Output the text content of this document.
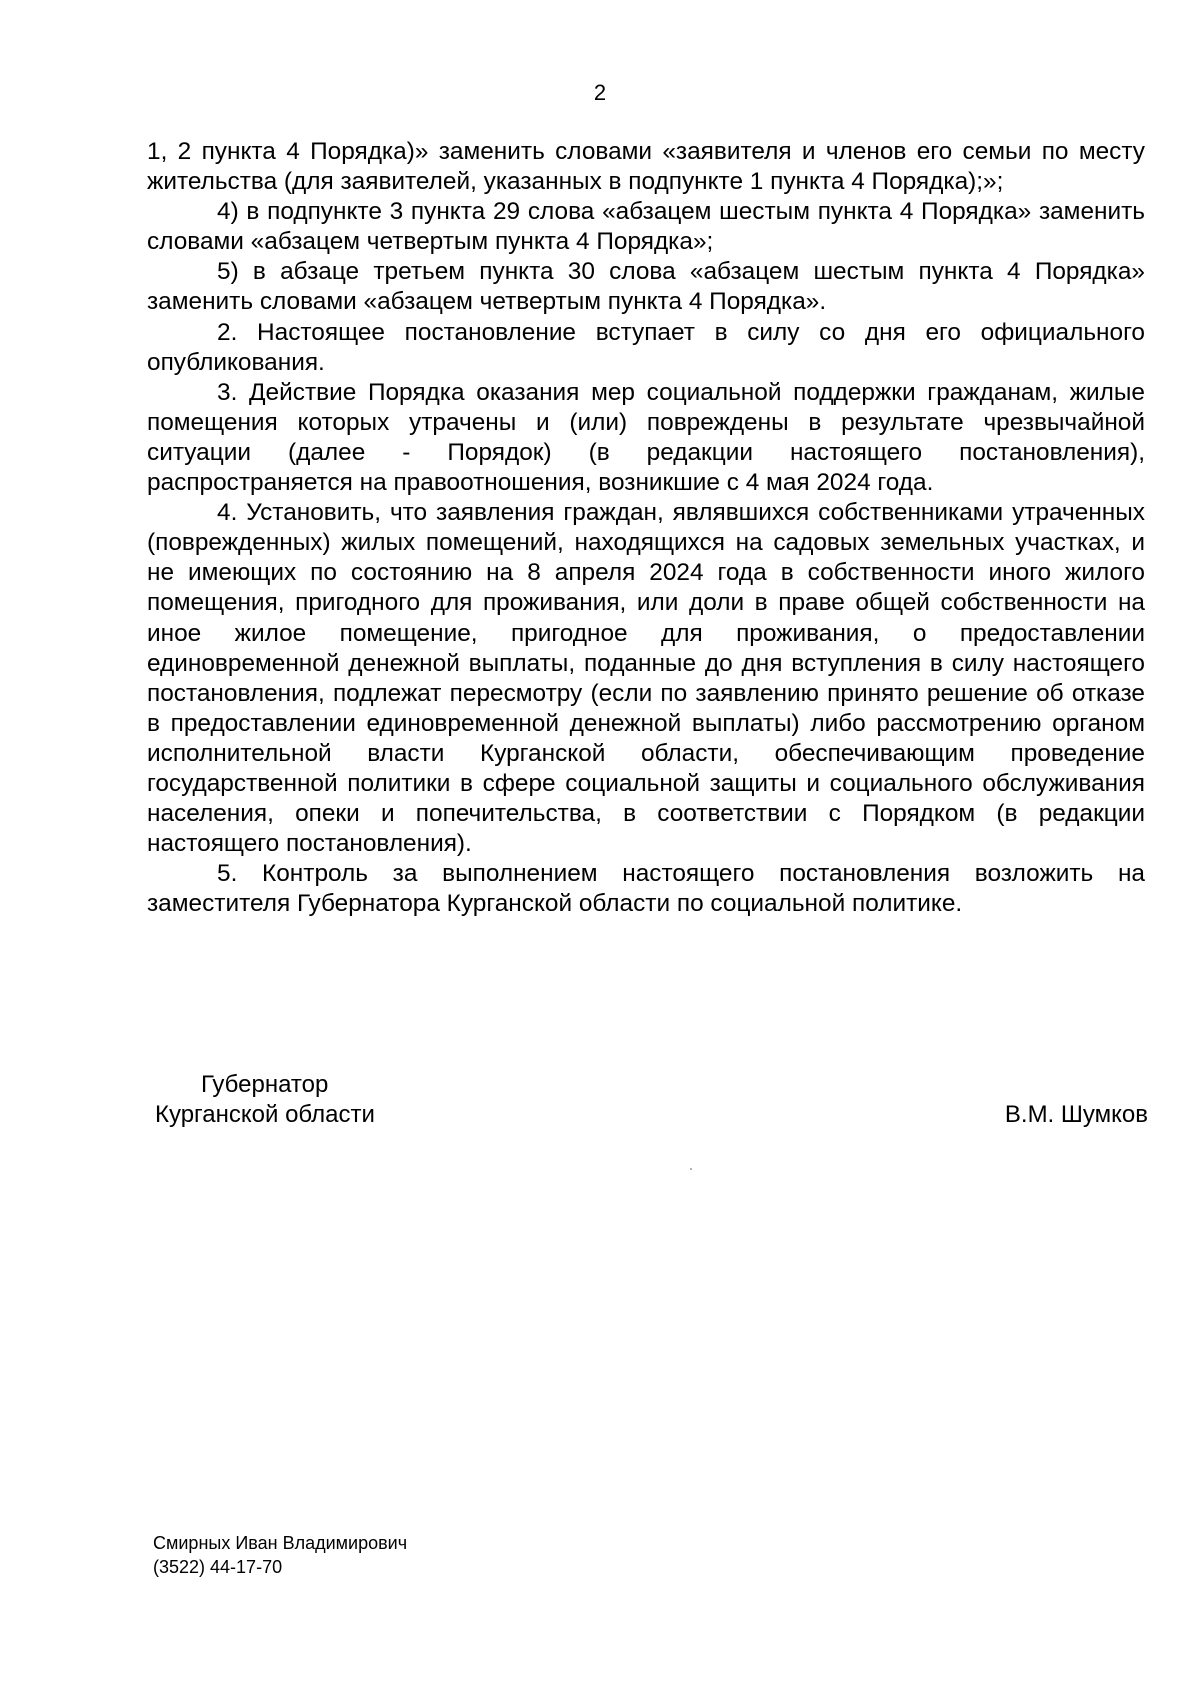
2

1, 2 пункта 4 Порядка)» заменить словами «заявителя и членов его семьи по месту жительства (для заявителей, указанных в подпункте 1 пункта 4 Порядка);»;

4) в подпункте 3 пункта 29 слова «абзацем шестым пункта 4 Порядка» заменить словами «абзацем четвертым пункта 4 Порядка»;

5) в абзаце третьем пункта 30 слова «абзацем шестым пункта 4 Порядка» заменить словами «абзацем четвертым пункта 4 Порядка».

2. Настоящее постановление вступает в силу со дня его официального опубликования.

3. Действие Порядка оказания мер социальной поддержки гражданам, жилые помещения которых утрачены и (или) повреждены в результате чрезвычайной ситуации (далее - Порядок) (в редакции настоящего постановления), распространяется на правоотношения, возникшие с 4 мая 2024 года.

4. Установить, что заявления граждан, являвшихся собственниками утраченных (поврежденных) жилых помещений, находящихся на садовых земельных участках, и не имеющих по состоянию на 8 апреля 2024 года в собственности иного жилого помещения, пригодного для проживания, или доли в праве общей собственности на иное жилое помещение, пригодное для проживания, о предоставлении единовременной денежной выплаты, поданные до дня вступления в силу настоящего постановления, подлежат пересмотру (если по заявлению принято решение об отказе в предоставлении единовременной денежной выплаты) либо рассмотрению органом исполнительной власти Курганской области, обеспечивающим проведение государственной политики в сфере социальной защиты и социального обслуживания населения, опеки и попечительства, в соответствии с Порядком (в редакции настоящего постановления).

5. Контроль за выполнением настоящего постановления возложить на заместителя Губернатора Курганской области по социальной политике.

Губернатор
Курганской области	В.М. Шумков
Смирных Иван Владимирович
(3522) 44-17-70
